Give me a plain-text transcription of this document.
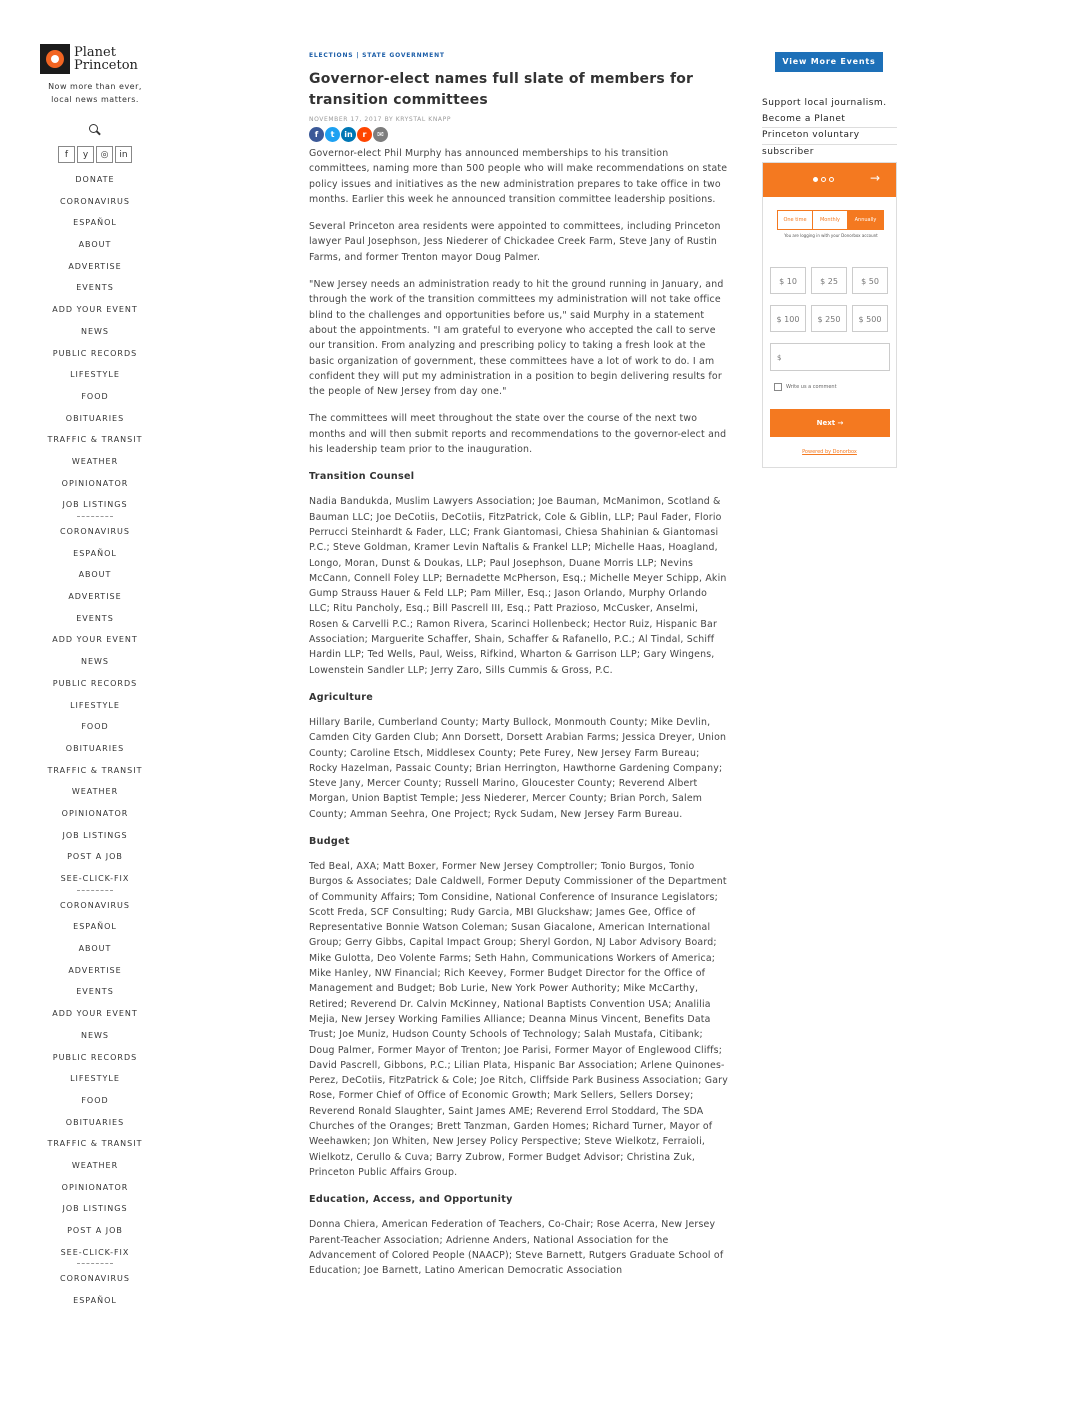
Planet
Princeton
Now more than ever, local news matters.
f	y	◎	in
DONATE
CORONAVIRUS
ESPAÑOL
ABOUT
ADVERTISE
EVENTS
ADD YOUR EVENT
NEWS
PUBLIC RECORDS
LIFESTYLE
FOOD
OBITUARIES
TRAFFIC & TRANSIT
WEATHER
OPINIONATOR
JOB LISTINGS
CORONAVIRUS
ESPAÑOL
ABOUT
ADVERTISE
EVENTS
ADD YOUR EVENT
NEWS
PUBLIC RECORDS
LIFESTYLE
FOOD
OBITUARIES
TRAFFIC & TRANSIT
WEATHER
OPINIONATOR
JOB LISTINGS
POST A JOB
SEE-CLICK-FIX
CORONAVIRUS
ESPAÑOL
ABOUT
ADVERTISE
EVENTS
ADD YOUR EVENT
NEWS
PUBLIC RECORDS
LIFESTYLE
FOOD
OBITUARIES
TRAFFIC & TRANSIT
WEATHER
OPINIONATOR
JOB LISTINGS
POST A JOB
SEE-CLICK-FIX
CORONAVIRUS
ESPAÑOL
ELECTIONS | STATE GOVERNMENT
Governor-elect names full slate of members for transition committees
NOVEMBER 17, 2017 BY KRYSTAL KNAPP
f	t	in	r	✉

Governor-elect Phil Murphy has announced memberships to his transition committees, naming more than 500 people who will make recommendations on state policy issues and initiatives as the new administration prepares to take office in two months. Earlier this week he announced transition committee leadership positions.

Several Princeton area residents were appointed to committees, including Princeton lawyer Paul Josephson, Jess Niederer of Chickadee Creek Farm, Steve Jany of Rustin Farms, and former Trenton mayor Doug Palmer.

"New Jersey needs an administration ready to hit the ground running in January, and through the work of the transition committees my administration will not take office blind to the challenges and opportunities before us," said Murphy in a statement about the appointments. "I am grateful to everyone who accepted the call to serve our transition. From analyzing and prescribing policy to taking a fresh look at the basic organization of government, these committees have a lot of work to do. I am confident they will put my administration in a position to begin delivering results for the people of New Jersey from day one."

The committees will meet throughout the state over the course of the next two months and will then submit reports and recommendations to the governor-elect and his leadership team prior to the inauguration.

Transition Counsel

Nadia Bandukda, Muslim Lawyers Association; Joe Bauman, McManimon, Scotland & Bauman LLC; Joe DeCotiis, DeCotiis, FitzPatrick, Cole & Giblin, LLP; Paul Fader, Florio Perrucci Steinhardt & Fader, LLC; Frank Giantomasi, Chiesa Shahinian & Giantomasi P.C.; Steve Goldman, Kramer Levin Naftalis & Frankel LLP; Michelle Haas, Hoagland, Longo, Moran, Dunst & Doukas, LLP; Paul Josephson, Duane Morris LLP; Nevins McCann, Connell Foley LLP; Bernadette McPherson, Esq.; Michelle Meyer Schipp, Akin Gump Strauss Hauer & Feld LLP; Pam Miller, Esq.; Jason Orlando, Murphy Orlando LLC; Ritu Pancholy, Esq.; Bill Pascrell III, Esq.; Patt Prazioso, McCusker, Anselmi, Rosen & Carvelli P.C.; Ramon Rivera, Scarinci Hollenbeck; Hector Ruiz, Hispanic Bar Association; Marguerite Schaffer, Shain, Schaffer & Rafanello, P.C.; Al Tindal, Schiff Hardin LLP; Ted Wells, Paul, Weiss, Rifkind, Wharton & Garrison LLP; Gary Wingens, Lowenstein Sandler LLP; Jerry Zaro, Sills Cummis & Gross, P.C.

Agriculture

Hillary Barile, Cumberland County; Marty Bullock, Monmouth County; Mike Devlin, Camden City Garden Club; Ann Dorsett, Dorsett Arabian Farms; Jessica Dreyer, Union County; Caroline Etsch, Middlesex County; Pete Furey, New Jersey Farm Bureau; Rocky Hazelman, Passaic County; Brian Herrington, Hawthorne Gardening Company; Steve Jany, Mercer County; Russell Marino, Gloucester County; Reverend Albert Morgan, Union Baptist Temple; Jess Niederer, Mercer County; Brian Porch, Salem County; Amman Seehra, One Project; Ryck Sudam, New Jersey Farm Bureau.

Budget

Ted Beal, AXA; Matt Boxer, Former New Jersey Comptroller; Tonio Burgos, Tonio Burgos & Associates; Dale Caldwell, Former Deputy Commissioner of the Department of Community Affairs; Tom Considine, National Conference of Insurance Legislators; Scott Freda, SCF Consulting; Rudy Garcia, MBI Gluckshaw; James Gee, Office of Representative Bonnie Watson Coleman; Susan Giacalone, American International Group; Gerry Gibbs, Capital Impact Group; Sheryl Gordon, NJ Labor Advisory Board; Mike Gulotta, Deo Volente Farms; Seth Hahn, Communications Workers of America; Mike Hanley, NW Financial; Rich Keevey, Former Budget Director for the Office of Management and Budget; Bob Lurie, New York Power Authority; Mike McCarthy, Retired; Reverend Dr. Calvin McKinney, National Baptists Convention USA; Analilia Mejia, New Jersey Working Families Alliance; Deanna Minus Vincent, Benefits Data Trust; Joe Muniz, Hudson County Schools of Technology; Salah Mustafa, Citibank; Doug Palmer, Former Mayor of Trenton; Joe Parisi, Former Mayor of Englewood Cliffs; David Pascrell, Gibbons, P.C.; Lilian Plata, Hispanic Bar Association; Arlene Quinones-Perez, DeCotiis, FitzPatrick & Cole; Joe Ritch, Cliffside Park Business Association; Gary Rose, Former Chief of Office of Economic Growth; Mark Sellers, Sellers Dorsey; Reverend Ronald Slaughter, Saint James AME; Reverend Errol Stoddard, The SDA Churches of the Oranges; Brett Tanzman, Garden Homes; Richard Turner, Mayor of Weehawken; Jon Whiten, New Jersey Policy Perspective; Steve Wielkotz, Ferraioli, Wielkotz, Cerullo & Cuva; Barry Zubrow, Former Budget Advisor; Christina Zuk, Princeton Public Affairs Group.

Education, Access, and Opportunity

Donna Chiera, American Federation of Teachers, Co-Chair; Rose Acerra, New Jersey Parent-Teacher Association; Adrienne Anders, National Association for the Advancement of Colored People (NAACP); Steve Barnett, Rutgers Graduate School of Education; Joe Barnett, Latino American Democratic Association

View More Events
Support local journalism.
Become a Planet
Princeton voluntary
subscriber
→
One time	Monthly	Annually
You are logging in with your Donorbox account
$ 10	$ 25	$ 50
$ 100	$ 250	$ 500
$
Write us a comment
Next →
Powered by Donorbox
